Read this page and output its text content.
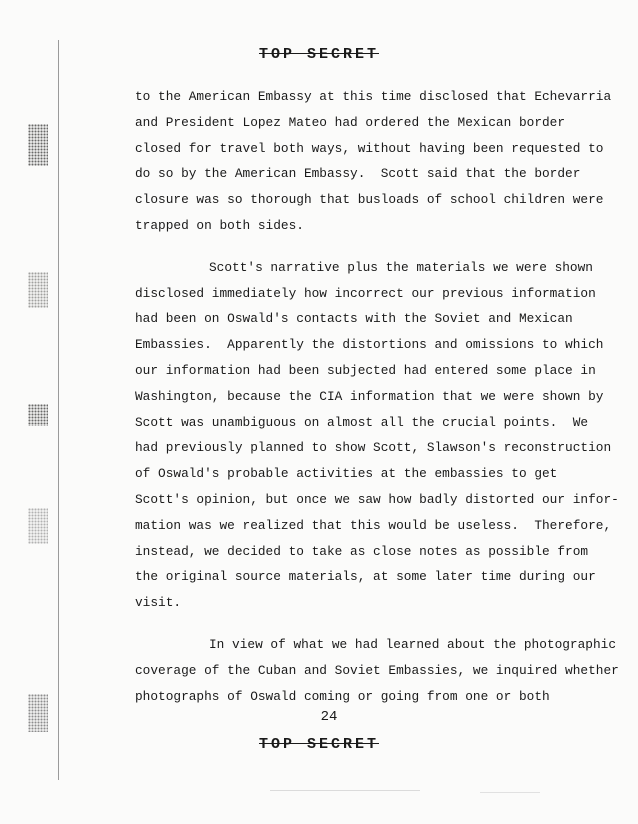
TOP SECRET

to the American Embassy at this time disclosed that Echevarria

and President Lopez Mateo had ordered the Mexican border

closed for travel both ways, without having been requested to

do so by the American Embassy.  Scott said that the border

closure was so thorough that busloads of school children were

trapped on both sides.

Scott's narrative plus the materials we were shown

disclosed immediately how incorrect our previous information

had been on Oswald's contacts with the Soviet and Mexican

Embassies.  Apparently the distortions and omissions to which

our information had been subjected had entered some place in

Washington, because the CIA information that we were shown by

Scott was unambiguous on almost all the crucial points.  We

had previously planned to show Scott, Slawson's reconstruction

of Oswald's probable activities at the embassies to get

Scott's opinion, but once we saw how badly distorted our infor-

mation was we realized that this would be useless.  Therefore,

instead, we decided to take as close notes as possible from

the original source materials, at some later time during our

visit.

In view of what we had learned about the photographic

coverage of the Cuban and Soviet Embassies, we inquired whether

photographs of Oswald coming or going from one or both

24
TOP SECRET
